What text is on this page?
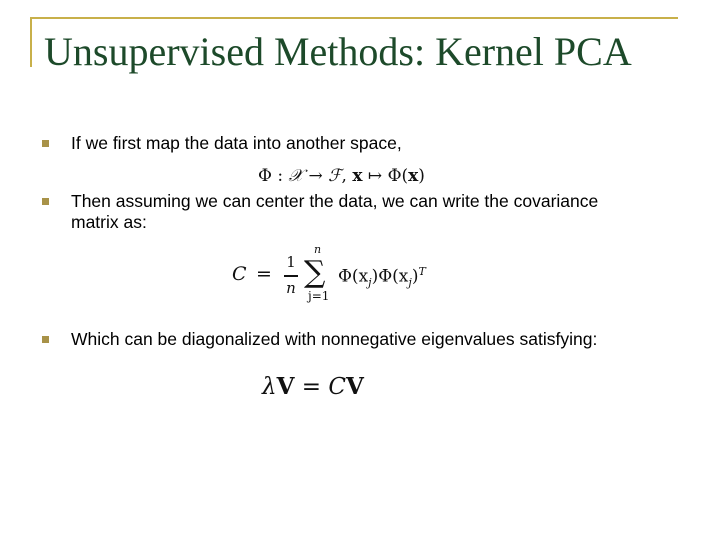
Unsupervised Methods: Kernel PCA
If we first map the data into another space,
Φ : 𝒳 → ℱ, x ↦ Φ(x)
Then assuming we can center the data, we can write the covariance matrix as:
C =
1
n
n
∑
j=1
$\Phi(x_j)\Phi(x_j)^T$
Which can be diagonalized with nonnegative eigenvalues satisfying:
λV = CV
